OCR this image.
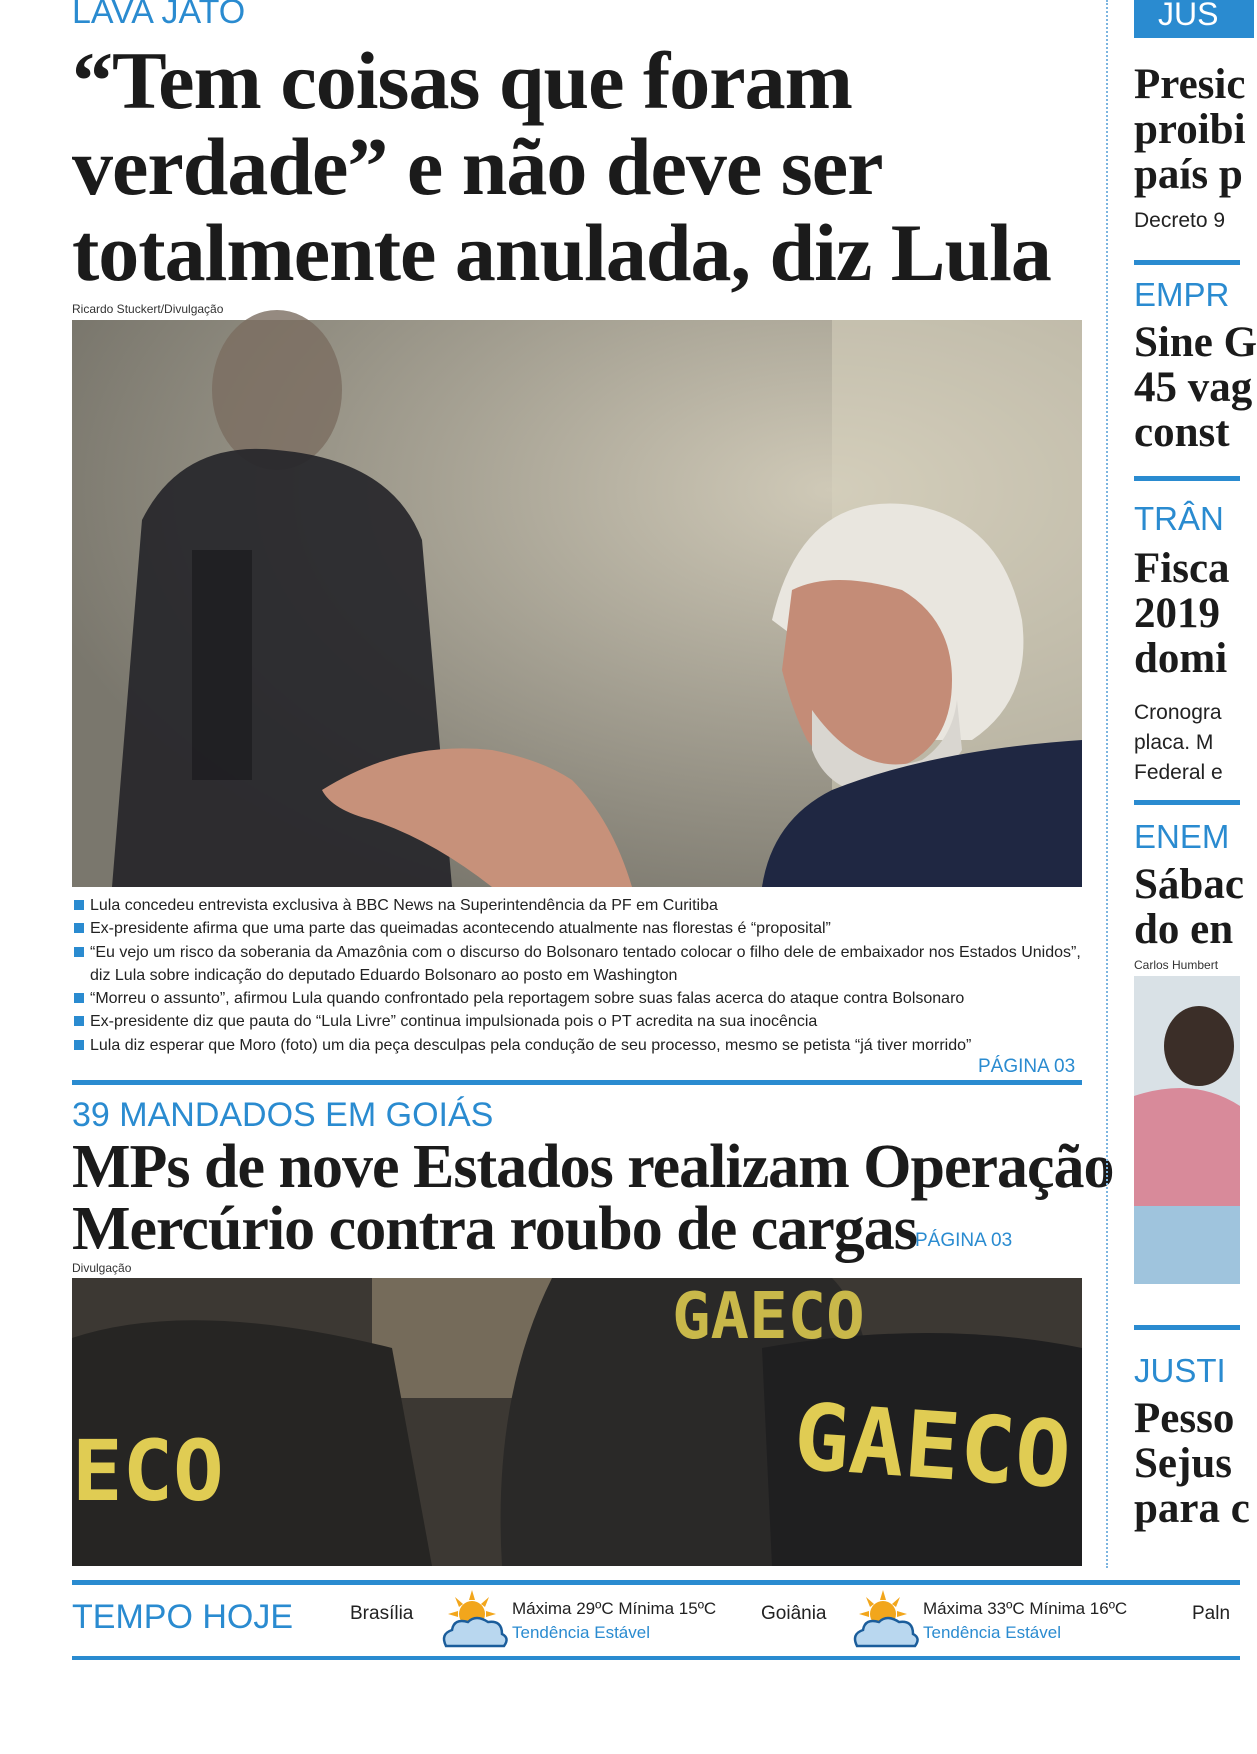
LAVA JATO
“Tem coisas que foram
verdade” e não deve ser
totalmente anulada, diz Lula
Ricardo Stuckert/Divulgação
Lula concedeu entrevista exclusiva à BBC News na Superintendência da PF em Curitiba
Ex-presidente afirma que uma parte das queimadas acontecendo atualmente nas florestas é “proposital”
“Eu vejo um risco da soberania da Amazônia com o discurso do Bolsonaro tentado colocar o filho dele de embaixador nos Estados Unidos”, diz Lula sobre indicação do deputado Eduardo Bolsonaro ao posto em Washington
“Morreu o assunto”, afirmou Lula quando confrontado pela reportagem sobre suas falas acerca do ataque contra Bolsonaro
Ex-presidente diz que pauta do “Lula Livre” continua impulsionada pois o PT acredita na sua inocência
Lula diz esperar que Moro (foto) um dia peça desculpas pela condução de seu processo, mesmo se petista “já tiver morrido”
PÁGINA 03
39 MANDADOS EM GOIÁS
MPs de nove Estados realizam Operação
Mercúrio contra roubo de cargas
PÁGINA 03
Divulgação
GAECO
GAECO
ECO
JUS
Presic
proibi
país p
Decreto 9
EMPR
Sine G
45 vag
const
TRÂN
Fisca
2019
domi
Cronogra
placa. M
Federal e
ENEM
Sábac
do en
Carlos Humbert
JUSTI
Pesso
Sejus
para c
TEMPO HOJE	Brasília	Máxima 29ºC Mínima 15ºC
Tendência Estável
Goiânia	Máxima 33ºC Mínima 16ºC
Tendência Estável
Paln
